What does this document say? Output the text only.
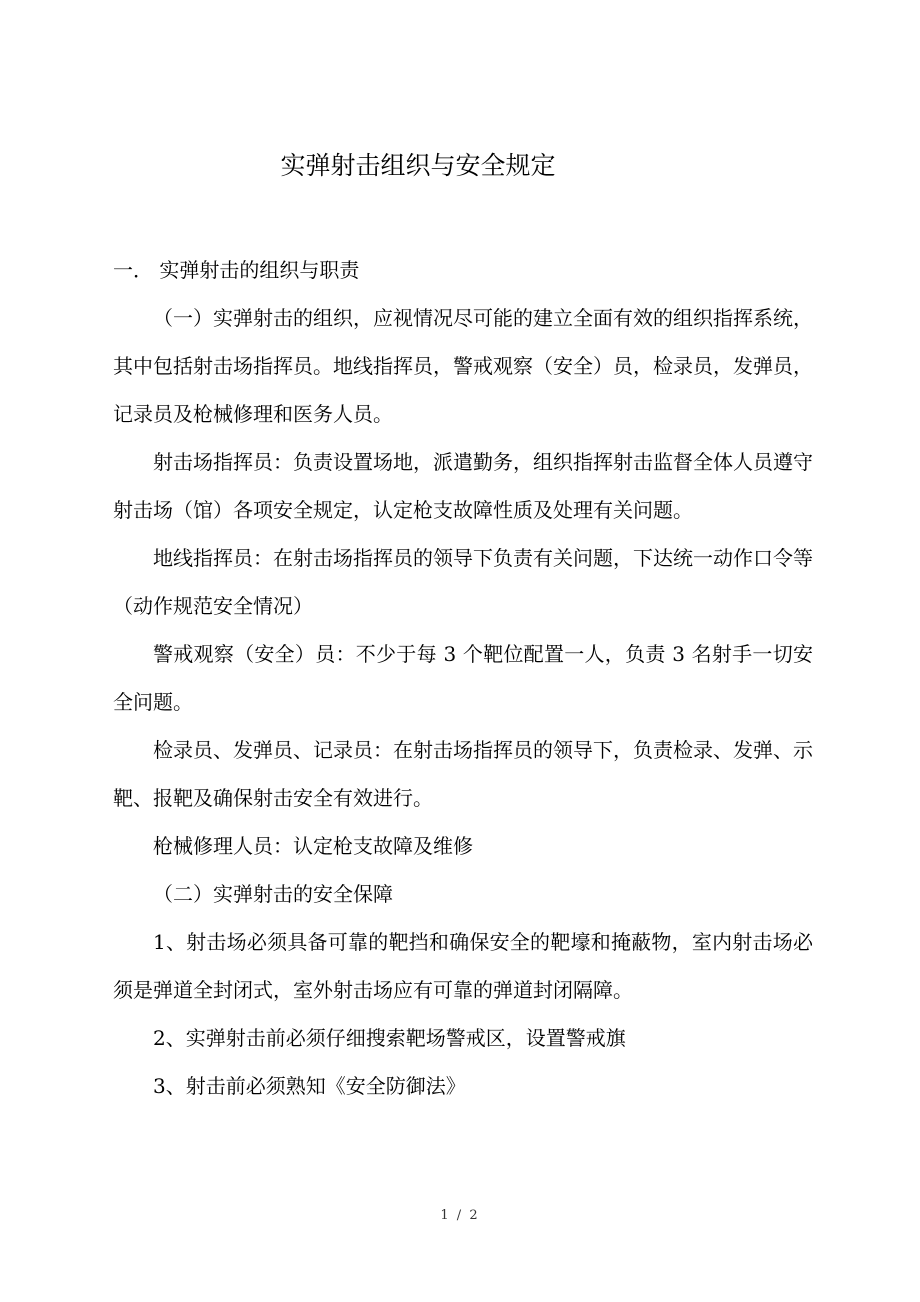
实弹射击组织与安全规定

一． 实弹射击的组织与职责

（一）实弹射击的组织，应视情况尽可能的建立全面有效的组织指挥系统，其中包括射击场指挥员。地线指挥员，警戒观察（安全）员，检录员，发弹员，记录员及枪械修理和医务人员。

射击场指挥员：负责设置场地，派遣勤务，组织指挥射击监督全体人员遵守射击场（馆）各项安全规定，认定枪支故障性质及处理有关问题。

地线指挥员：在射击场指挥员的领导下负责有关问题，下达统一动作口令等（动作规范安全情况）

警戒观察（安全）员：不少于每 3 个靶位配置一人，负责 3 名射手一切安全问题。

检录员、发弹员、记录员：在射击场指挥员的领导下，负责检录、发弹、示靶、报靶及确保射击安全有效进行。

枪械修理人员：认定枪支故障及维修

（二）实弹射击的安全保障

1、射击场必须具备可靠的靶挡和确保安全的靶壕和掩蔽物，室内射击场必须是弹道全封闭式，室外射击场应有可靠的弹道封闭隔障。

2、实弹射击前必须仔细搜索靶场警戒区，设置警戒旗

3、射击前必须熟知《安全防御法》

1 / 2
